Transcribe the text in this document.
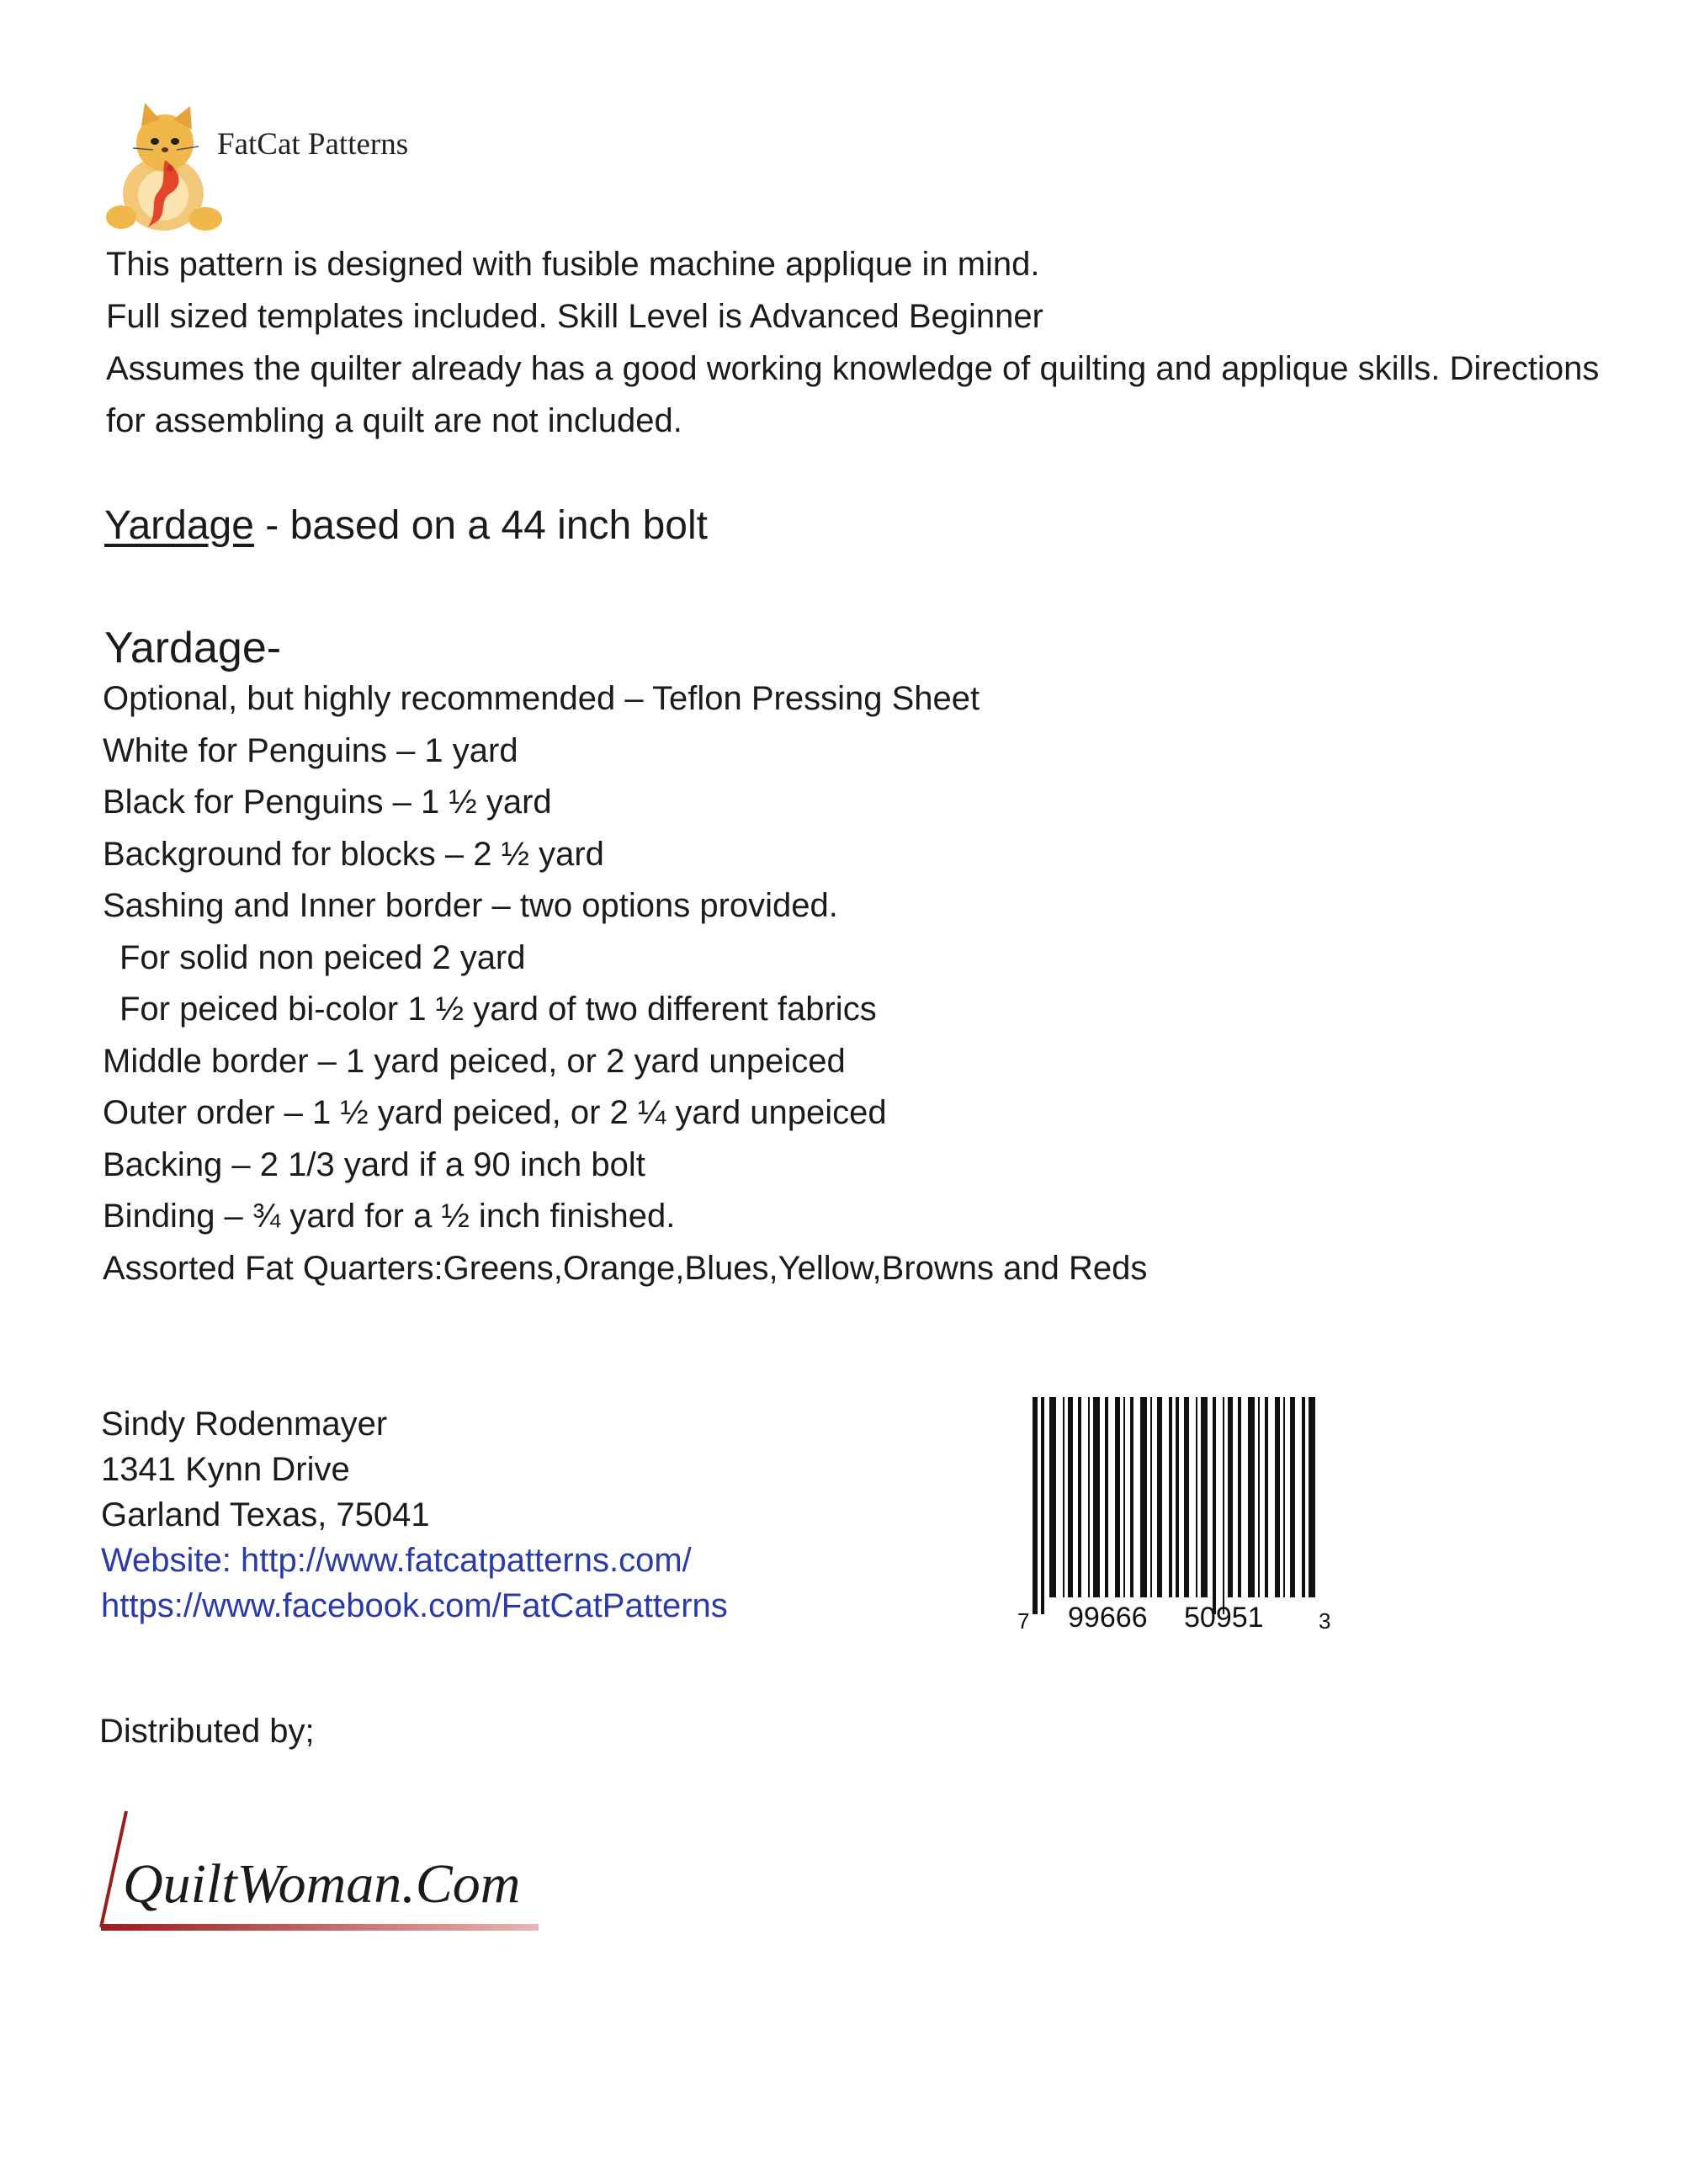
FatCat Patterns

This pattern is designed with fusible machine applique in mind.

Full sized templates included. Skill Level is Advanced Beginner

Assumes the quilter already has a good working knowledge of quilting and applique skills. Directions for assembling a quilt are not included.

Yardage - based on a 44 inch bolt
Yardage-
Optional, but highly recommended – Teflon Pressing Sheet
White for Penguins – 1 yard
Black for Penguins – 1 ½ yard
Background for blocks – 2 ½ yard
Sashing and Inner border – two options provided.
For solid non peiced 2 yard
For peiced bi-color 1 ½ yard of two different fabrics
Middle border – 1 yard peiced, or 2 yard unpeiced
Outer order – 1 ½ yard peiced, or 2 ¼ yard unpeiced
Backing – 2 1/3 yard if a 90 inch bolt
Binding – ¾ yard for a ½ inch finished.
Assorted Fat Quarters:Greens,Orange,Blues,Yellow,Browns and Reds
Sindy Rodenmayer
1341 Kynn Drive
Garland Texas, 75041
Website: http://www.fatcatpatterns.com/
https://www.facebook.com/FatCatPatterns	7 99666 50951	3
Distributed by;
QuiltWoman.Com
